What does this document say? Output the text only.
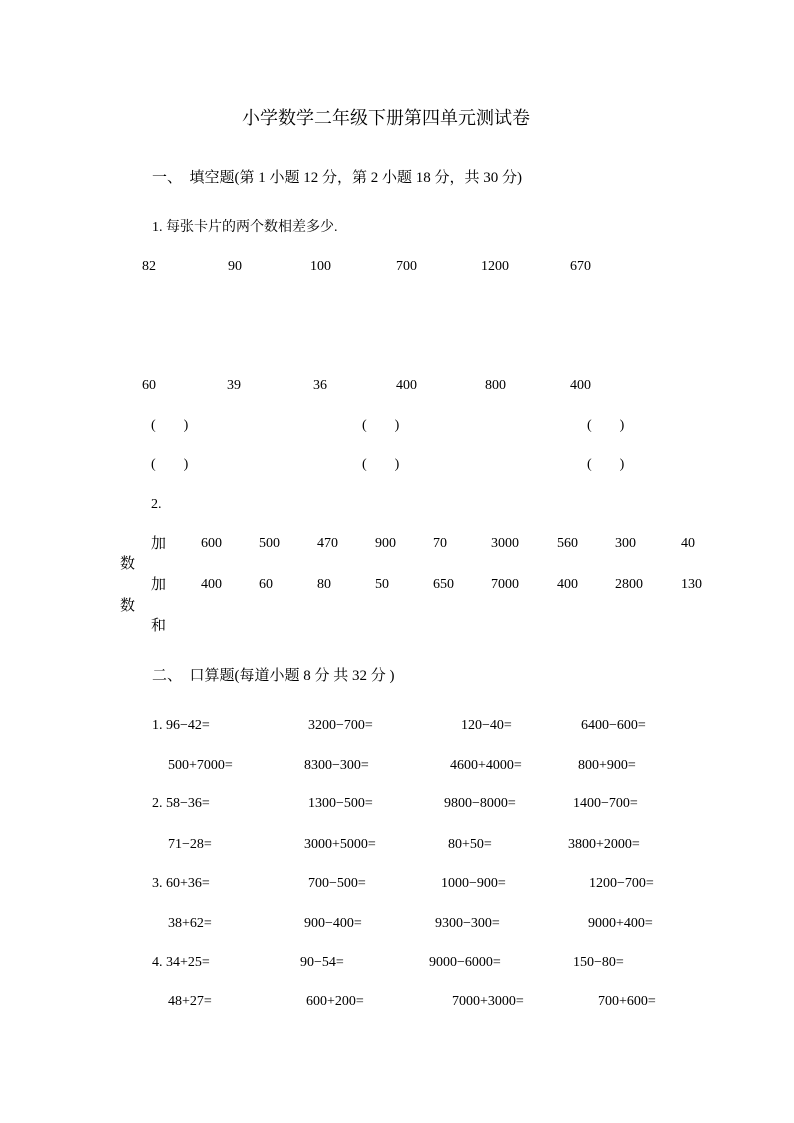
小学数学二年级下册第四单元测试卷
一、　填空题(第 1 小题 12 分，第 2 小题 18 分，共 30 分)
1. 每张卡片的两个数相差多少.
82	90	100	700	1200	670
60	39	36	400	800	400
(　　)	(　　)	(　　)
(　　)	(　　)	(　　)
2.
数
数
加 600	500	470	900	70	3000	560	300	40
加 400	60	80	50	650	7000	400	2800	130
和
二、　口算题(每道小题 8 分 共 32 分 )
1. 96−42=	3200−700=	120−40=	6400−600=
500+7000=	8300−300=	4600+4000=	800+900=
2. 58−36=	1300−500=	9800−8000=	1400−700=
71−28=	3000+5000=	80+50=	3800+2000=
3. 60+36=	700−500=	1000−900=	1200−700=
38+62=	900−400=	9300−300=	9000+400=
4. 34+25=	90−54=	9000−6000=	150−80=
48+27=	600+200=	7000+3000=	700+600=
